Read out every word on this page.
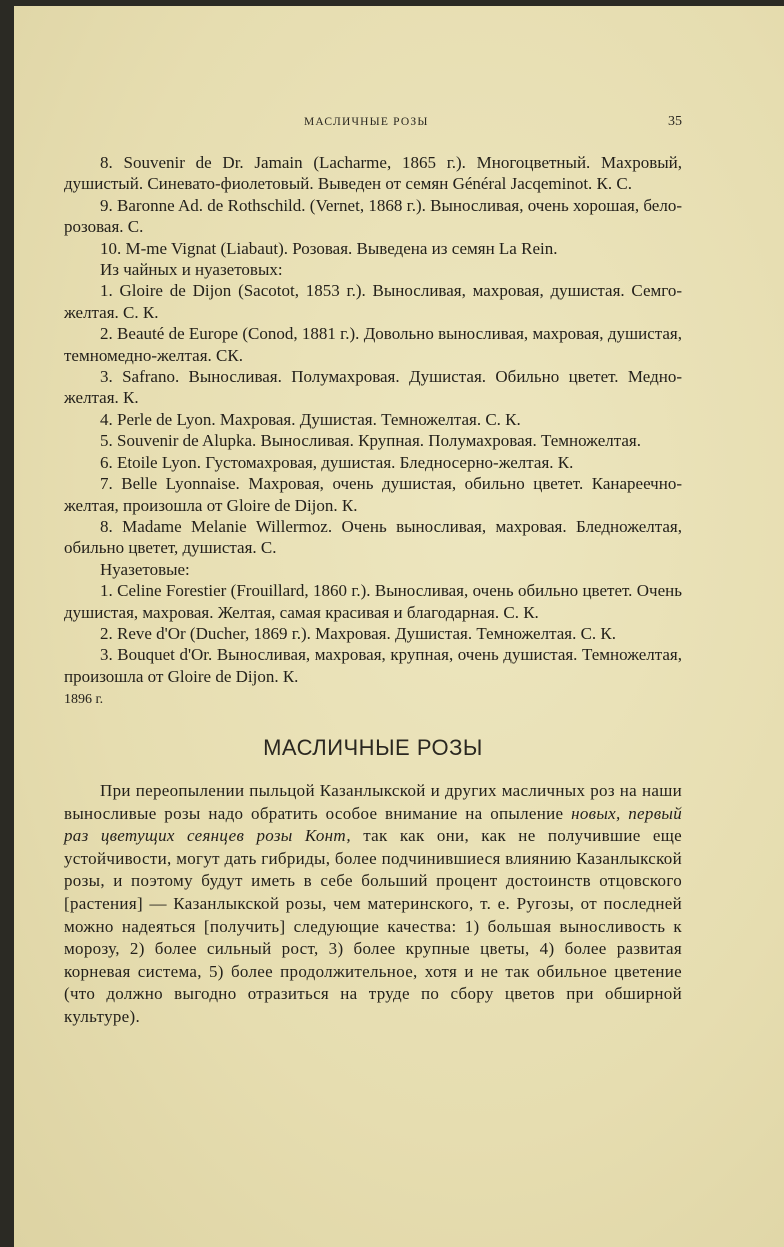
МАСЛИЧНЫЕ РОЗЫ	35

8. Souvenir de Dr. Jamain (Lacharme, 1865 г.). Многоцветный. Махровый, душистый. Синевато-фиолетовый. Выведен от семян Général Jacqeminot. К. С.

9. Baronne Ad. de Rothschild. (Vernet, 1868 г.). Выносливая, очень хорошая, бело-розовая. С.

10. M-me Vignat (Liabaut). Розовая. Выведена из семян La Rein.

Из чайных и нуазетовых:

1. Gloire de Dijon (Sacotot, 1853 г.). Выносливая, махровая, душистая. Семго-желтая. С. К.

2. Beauté de Europe (Conod, 1881 г.). Довольно выносливая, махровая, душистая, темномедно-желтая. СК.

3. Safrano. Выносливая. Полумахровая. Душистая. Обильно цветет. Медно-желтая. К.

4. Perle de Lyon. Махровая. Душистая. Темножелтая. С. К.

5. Souvenir de Alupka. Выносливая. Крупная. Полумахровая. Темножелтая.

6. Etoile Lyon. Густомахровая, душистая. Бледносерно-желтая. К.

7. Belle Lyonnaise. Махровая, очень душистая, обильно цветет. Канареечно-желтая, произошла от Gloire de Dijon. К.

8. Madame Melanie Willermoz. Очень выносливая, махровая. Бледножелтая, обильно цветет, душистая. С.

Нуазетовые:

1. Celine Forestier (Frouillard, 1860 г.). Выносливая, очень обильно цветет. Очень душистая, махровая. Желтая, самая красивая и благодарная. С. К.

2. Reve d'Or (Ducher, 1869 г.). Махровая. Душистая. Темножелтая. С. К.

3. Bouquet d'Or. Выносливая, махровая, крупная, очень душистая. Темножелтая, произошла от Gloire de Dijon. К.

1896 г.

МАСЛИЧНЫЕ РОЗЫ

При переопылении пыльцой Казанлыкской и других масличных роз на наши выносливые розы надо обратить особое внимание на опыление новых, первый раз цветущих сеянцев розы Конт, так как они, как не получившие еще устойчивости, могут дать гибриды, более подчинившиеся влиянию Казанлыкской розы, и поэтому будут иметь в себе больший процент достоинств отцовского [растения] — Казанлыкской розы, чем материнского, т. е. Ругозы, от последней можно надеяться [получить] следующие качества: 1) большая выносливость к морозу, 2) более сильный рост, 3) более крупные цветы, 4) более развитая корневая система, 5) более продолжительное, хотя и не так обильное цветение (что должно выгодно отразиться на труде по сбору цветов при обширной культуре).
